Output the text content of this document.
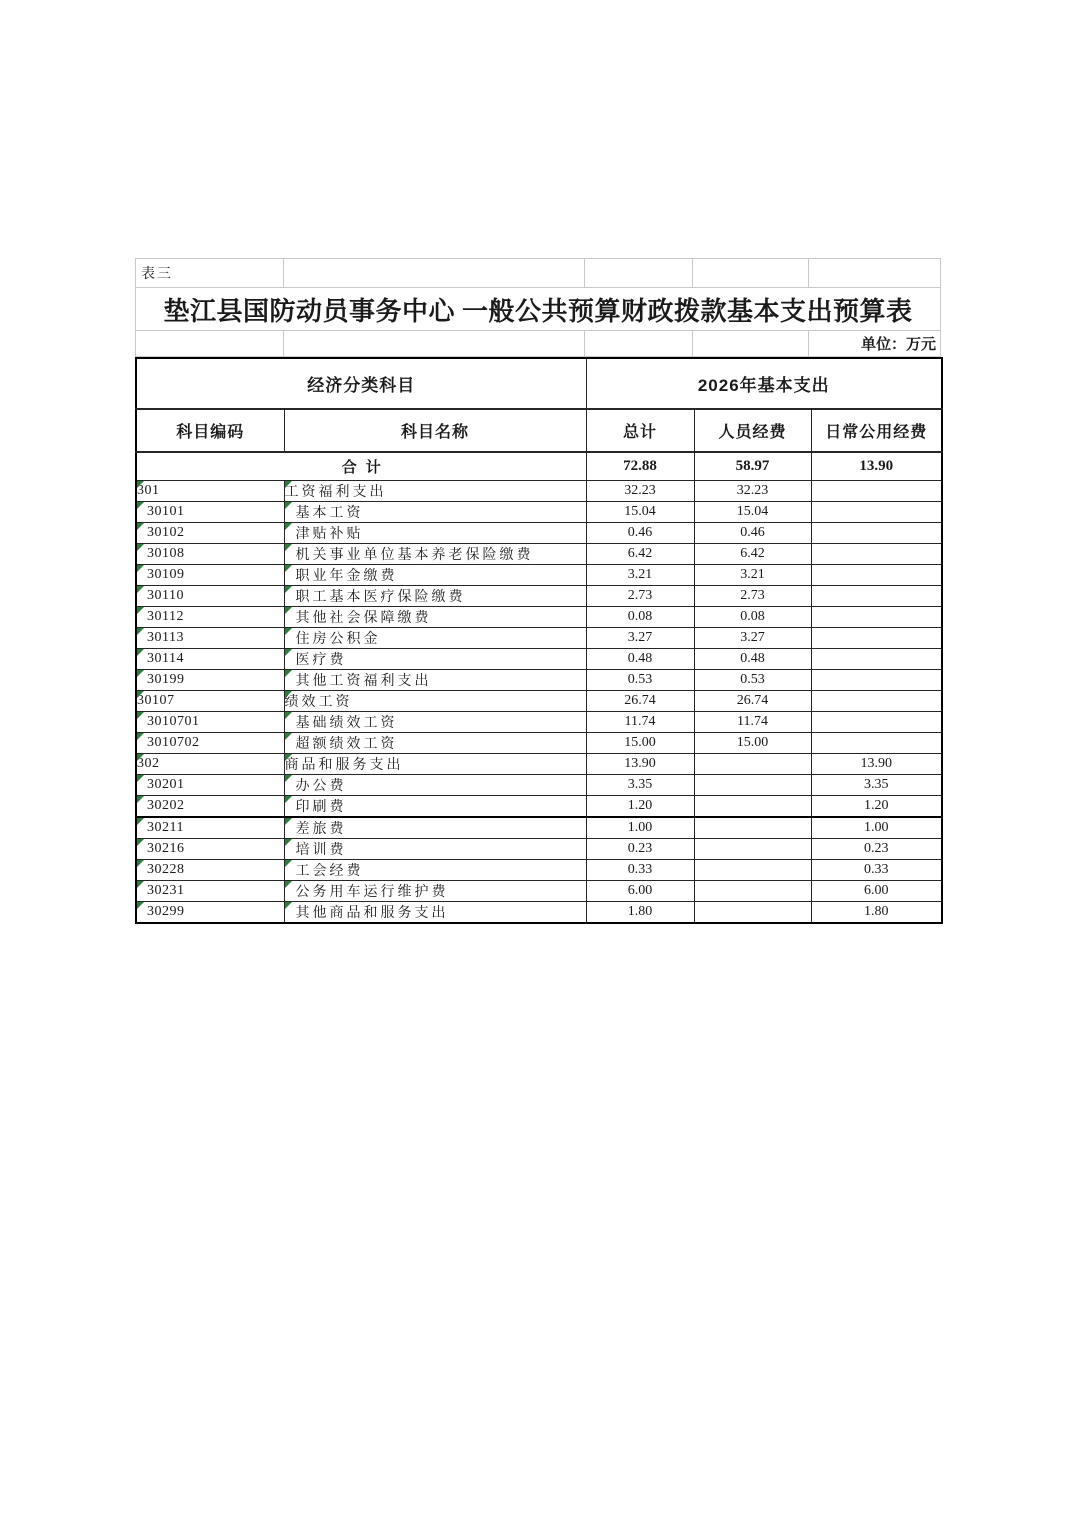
表三
垫江县国防动员事务中心 一般公共预算财政拨款基本支出预算表
单位：万元
经济分类科目		2026年基本支出		
科目编码	科目名称	总计	人员经费	日常公用经费
合计		72.88	58.97	13.90

301	工资福利支出	32.23	32.23	

30101	基本工资	15.04	15.04	

30102	津贴补贴	0.46	0.46	

30108	机关事业单位基本养老保险缴费	6.42	6.42	

30109	职业年金缴费	3.21	3.21	

30110	职工基本医疗保险缴费	2.73	2.73	

30112	其他社会保障缴费	0.08	0.08	

30113	住房公积金	3.27	3.27	

30114	医疗费	0.48	0.48	

30199	其他工资福利支出	0.53	0.53	

30107	绩效工资	26.74	26.74	

3010701	基础绩效工资	11.74	11.74	

3010702	超额绩效工资	15.00	15.00	

302	商品和服务支出	13.90		13.90

30201	办公费	3.35		3.35

30202	印刷费	1.20		1.20

30211	差旅费	1.00		1.00

30216	培训费	0.23		0.23

30228	工会经费	0.33		0.33

30231	公务用车运行维护费	6.00		6.00

30299	其他商品和服务支出	1.80		1.80
